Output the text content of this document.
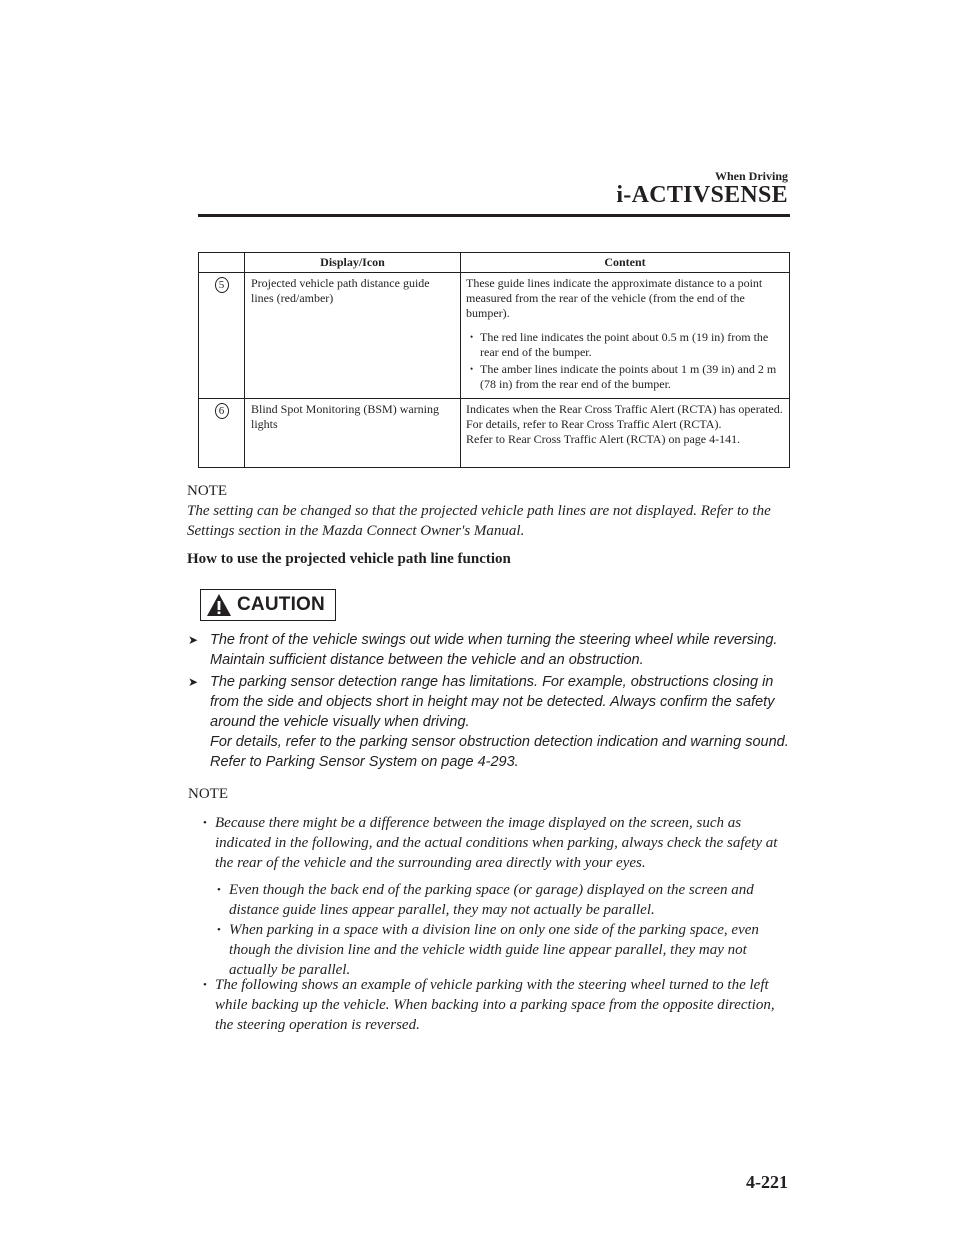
When Driving
i-ACTIVSENSE
	Display/Icon	Content
5	Projected vehicle path distance guide lines (red/amber)	These guide lines indicate the approximate distance to a point measured from the rear of the vehicle (from the end of the bumper).
• The red line indicates the point about 0.5 m (19 in) from the rear end of the bumper.
• The amber lines indicate the points about 1 m (39 in) and 2 m (78 in) from the rear end of the bumper.

6	Blind Spot Monitoring (BSM) warning lights	Indicates when the Rear Cross Traffic Alert (RCTA) has operated.
For details, refer to Rear Cross Traffic Alert (RCTA).
Refer to Rear Cross Traffic Alert (RCTA) on page 4-141.
NOTE
The setting can be changed so that the projected vehicle path lines are not displayed. Refer to the Settings section in the Mazda Connect Owner's Manual.
How to use the projected vehicle path line function
CAUTION
➤ The front of the vehicle swings out wide when turning the steering wheel while reversing. Maintain sufficient distance between the vehicle and an obstruction.
➤ The parking sensor detection range has limitations. For example, obstructions closing in from the side and objects short in height may not be detected. Always confirm the safety around the vehicle visually when driving.
For details, refer to the parking sensor obstruction detection indication and warning sound. Refer to Parking Sensor System on page 4-293.
NOTE
• Because there might be a difference between the image displayed on the screen, such as indicated in the following, and the actual conditions when parking, always check the safety at the rear of the vehicle and the surrounding area directly with your eyes.
• Even though the back end of the parking space (or garage) displayed on the screen and distance guide lines appear parallel, they may not actually be parallel.
• When parking in a space with a division line on only one side of the parking space, even though the division line and the vehicle width guide line appear parallel, they may not actually be parallel.
• The following shows an example of vehicle parking with the steering wheel turned to the left while backing up the vehicle. When backing into a parking space from the opposite direction, the steering operation is reversed.
4-221
